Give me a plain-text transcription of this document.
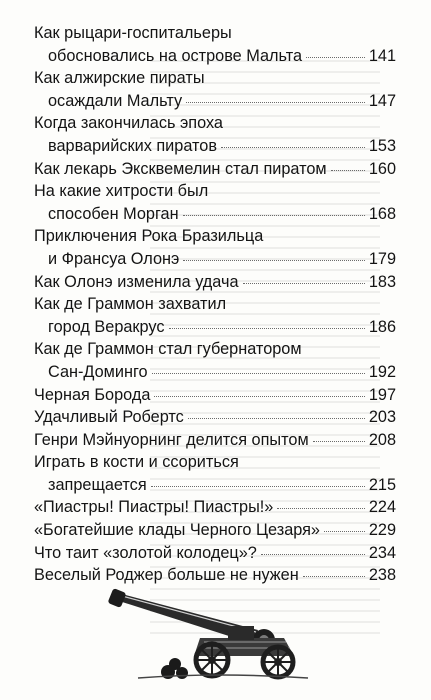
Как рыцари-госпитальеры
обосновались на острове Мальта	141
Как алжирские пираты
осаждали Мальту	147
Когда закончилась эпоха
варварийских пиратов	153
Как лекарь Эксквемелин стал пиратом	160
На какие хитрости был
способен Морган	168
Приключения Рока Бразильца
и Франсуа Олонэ	179
Как Олонэ изменила удача	183
Как де Граммон захватил
город Веракрус	186
Как де Граммон стал губернатором
Сан-Доминго	192
Черная Борода	197
Удачливый Робертс	203
Генри Мэйнуорнинг делится опытом	208
Играть в кости и ссориться
запрещается	215
«Пиастры! Пиастры! Пиастры!»	224
«Богатейшие клады Черного Цезаря»	229
Что таит «золотой колодец»?	234
Веселый Роджер больше не нужен	238
